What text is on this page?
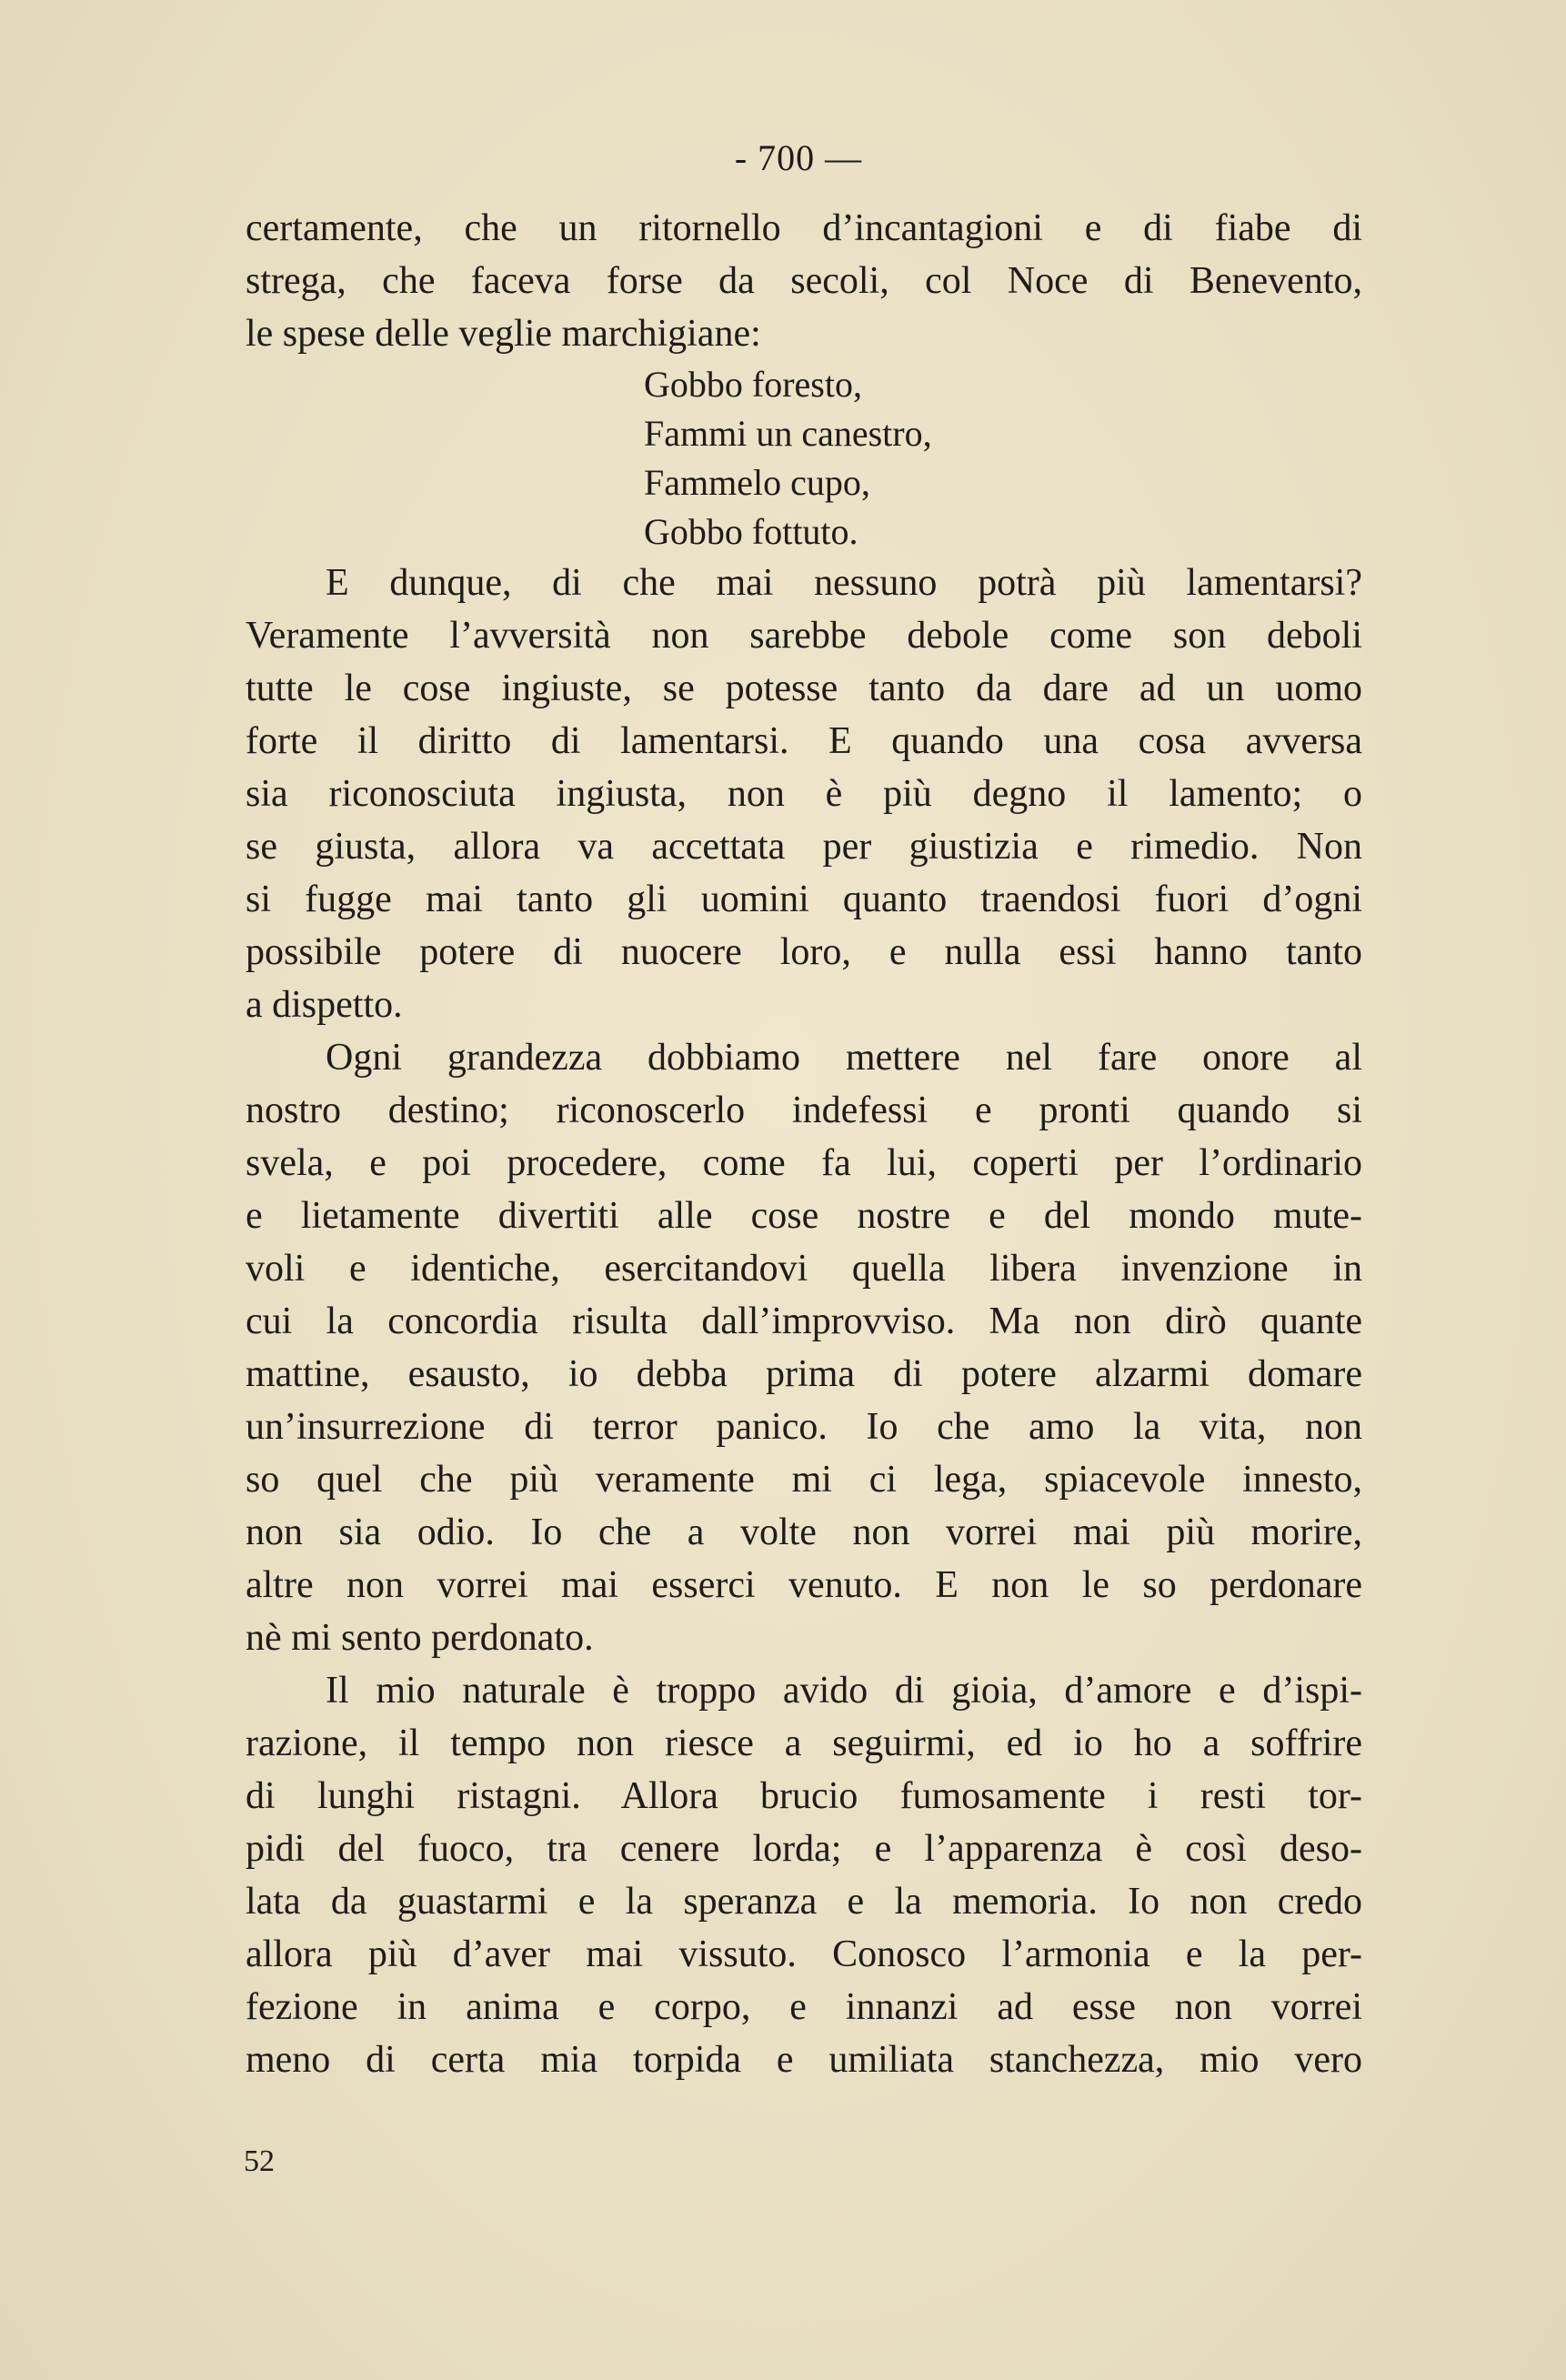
- 700 —
certamente, che un ritornello d’incantagioni e di fiabe di
strega, che faceva forse da secoli, col Noce di Benevento,
le spese delle veglie marchigiane:
Gobbo foresto,
Fammi un canestro,
Fammelo cupo,
Gobbo fottuto.
E dunque, di che mai nessuno potrà più lamentarsi?
Veramente l’avversità non sarebbe debole come son deboli
tutte le cose ingiuste, se potesse tanto da dare ad un uomo
forte il diritto di lamentarsi. E quando una cosa avversa
sia riconosciuta ingiusta, non è più degno il lamento; o
se giusta, allora va accettata per giustizia e rimedio. Non
si fugge mai tanto gli uomini quanto traendosi fuori d’ogni
possibile potere di nuocere loro, e nulla essi hanno tanto
a dispetto.
Ogni grandezza dobbiamo mettere nel fare onore al
nostro destino; riconoscerlo indefessi e pronti quando si
svela, e poi procedere, come fa lui, coperti per l’ordinario
e lietamente divertiti alle cose nostre e del mondo mute-
voli e identiche, esercitandovi quella libera invenzione in
cui la concordia risulta dall’improvviso. Ma non dirò quante
mattine, esausto, io debba prima di potere alzarmi domare
un’insurrezione di terror panico. Io che amo la vita, non
so quel che più veramente mi ci lega, spiacevole innesto,
non sia odio. Io che a volte non vorrei mai più morire,
altre non vorrei mai esserci venuto. E non le so perdonare
nè mi sento perdonato.
Il mio naturale è troppo avido di gioia, d’amore e d’ispi-
razione, il tempo non riesce a seguirmi, ed io ho a soffrire
di lunghi ristagni. Allora brucio fumosamente i resti tor-
pidi del fuoco, tra cenere lorda; e l’apparenza è così deso-
lata da guastarmi e la speranza e la memoria. Io non credo
allora più d’aver mai vissuto. Conosco l’armonia e la per-
fezione in anima e corpo, e innanzi ad esse non vorrei
meno di certa mia torpida e umiliata stanchezza, mio vero
52
